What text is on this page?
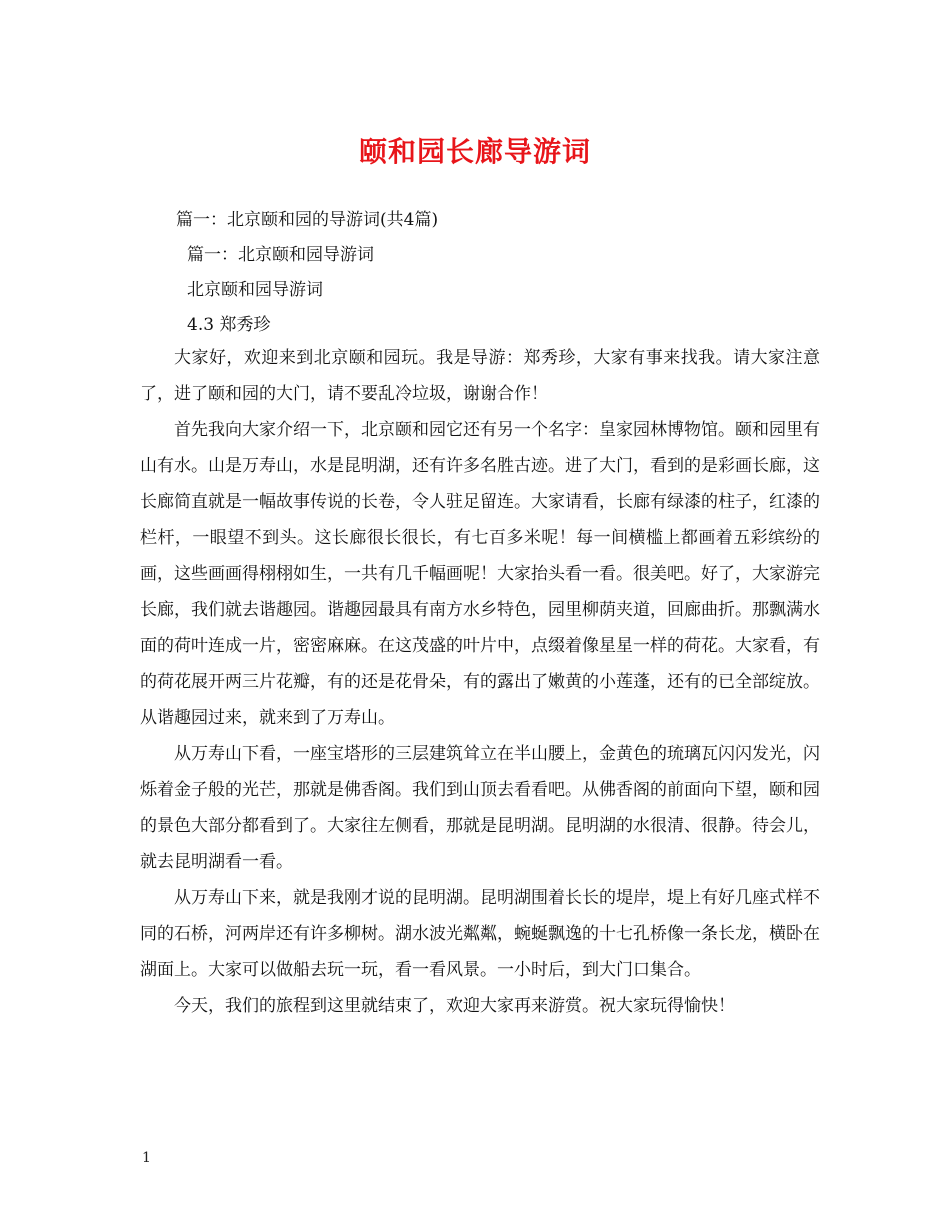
颐和园长廊导游词
篇一：北京颐和园的导游词(共4篇)
篇一：北京颐和园导游词
北京颐和园导游词
4.3 郑秀珍

大家好，欢迎来到北京颐和园玩。我是导游：郑秀珍，大家有事来找我。请大家注意了，进了颐和园的大门，请不要乱冷垃圾，谢谢合作！

首先我向大家介绍一下，北京颐和园它还有另一个名字：皇家园林博物馆。颐和园里有山有水。山是万寿山，水是昆明湖，还有许多名胜古迹。进了大门，看到的是彩画长廊，这长廊简直就是一幅故事传说的长卷，令人驻足留连。大家请看，长廊有绿漆的柱子，红漆的栏杆，一眼望不到头。这长廊很长很长，有七百多米呢！每一间横槛上都画着五彩缤纷的画，这些画画得栩栩如生，一共有几千幅画呢！大家抬头看一看。很美吧。好了，大家游完长廊，我们就去谐趣园。谐趣园最具有南方水乡特色，园里柳荫夹道，回廊曲折。那飘满水面的荷叶连成一片，密密麻麻。在这茂盛的叶片中，点缀着像星星一样的荷花。大家看，有的荷花展开两三片花瓣，有的还是花骨朵，有的露出了嫩黄的小莲蓬，还有的已全部绽放。从谐趣园过来，就来到了万寿山。

从万寿山下看，一座宝塔形的三层建筑耸立在半山腰上，金黄色的琉璃瓦闪闪发光，闪烁着金子般的光芒，那就是佛香阁。我们到山顶去看看吧。从佛香阁的前面向下望，颐和园的景色大部分都看到了。大家往左侧看，那就是昆明湖。昆明湖的水很清、很静。待会儿，就去昆明湖看一看。

从万寿山下来，就是我刚才说的昆明湖。昆明湖围着长长的堤岸，堤上有好几座式样不同的石桥，河两岸还有许多柳树。湖水波光粼粼，蜿蜒飘逸的十七孔桥像一条长龙，横卧在湖面上。大家可以做船去玩一玩，看一看风景。一小时后，到大门口集合。

今天，我们的旅程到这里就结束了，欢迎大家再来游赏。祝大家玩得愉快！

1
